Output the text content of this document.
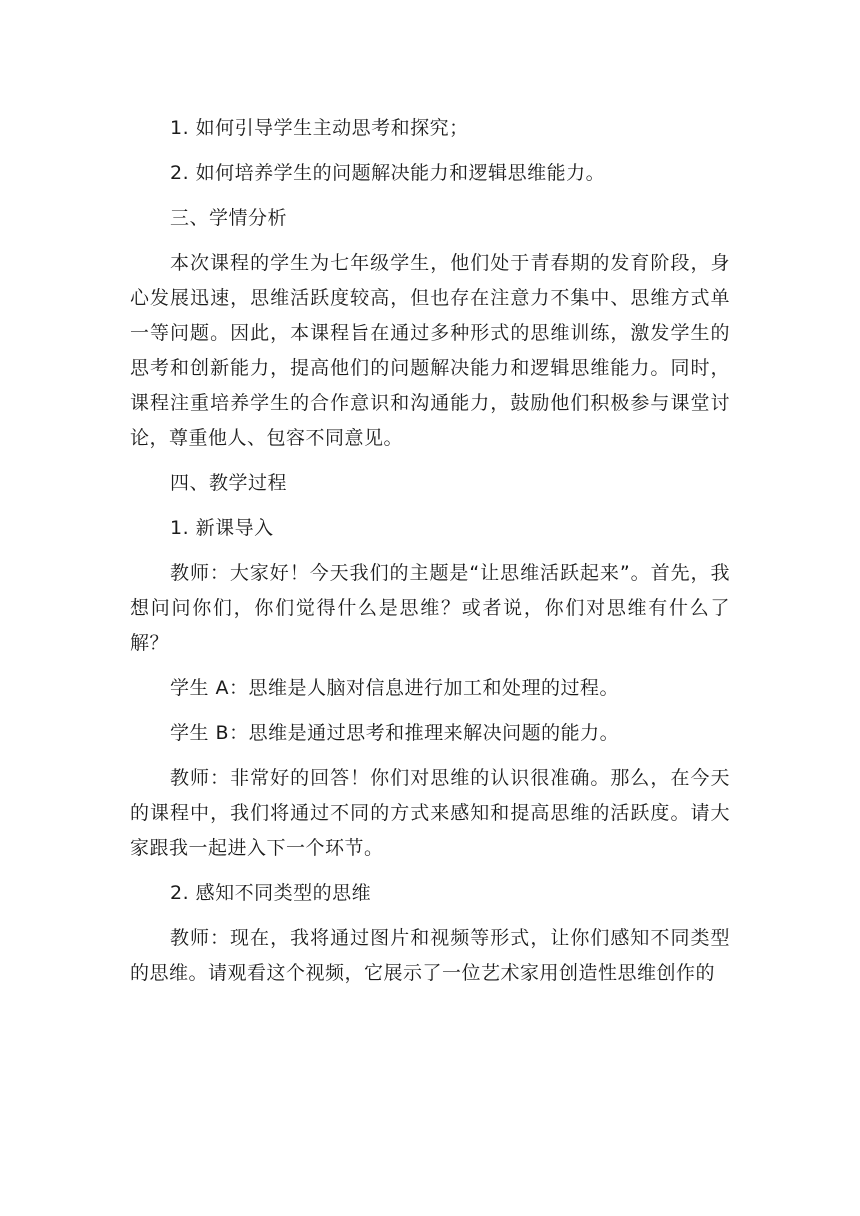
1. 如何引导学生主动思考和探究；

2. 如何培养学生的问题解决能力和逻辑思维能力。

三、学情分析

本次课程的学生为七年级学生，他们处于青春期的发育阶段，身心发展迅速，思维活跃度较高，但也存在注意力不集中、思维方式单一等问题。因此，本课程旨在通过多种形式的思维训练，激发学生的思考和创新能力，提高他们的问题解决能力和逻辑思维能力。同时，课程注重培养学生的合作意识和沟通能力，鼓励他们积极参与课堂讨论，尊重他人、包容不同意见。

四、教学过程

1. 新课导入

教师：大家好！今天我们的主题是“让思维活跃起来”。首先，我想问问你们，你们觉得什么是思维？或者说，你们对思维有什么了解？

学生 A：思维是人脑对信息进行加工和处理的过程。

学生 B：思维是通过思考和推理来解决问题的能力。

教师：非常好的回答！你们对思维的认识很准确。那么，在今天的课程中，我们将通过不同的方式来感知和提高思维的活跃度。请大家跟我一起进入下一个环节。

2. 感知不同类型的思维

教师：现在，我将通过图片和视频等形式，让你们感知不同类型的思维。请观看这个视频，它展示了一位艺术家用创造性思维创作的
